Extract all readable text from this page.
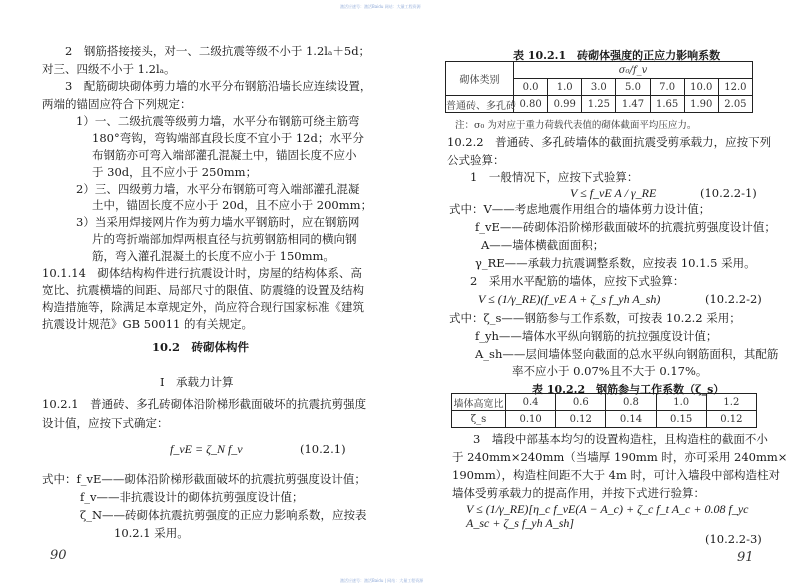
激活应速号：激活Baidu 网站：大量工程资源
激活应速号：激活Baidu | 网站：大量工程资源
2　钢筋搭接接头，对一、二级抗震等级不小于 1.2lₐ＋5d；
对三、四级不小于 1.2lₐ。
3　配筋砌块砌体剪力墙的水平分布钢筋沿墙长应连续设置，
两端的锚固应符合下列规定：
1）一、二级抗震等级剪力墙，水平分布钢筋可绕主筋弯
180°弯钩，弯钩端部直段长度不宜小于 12d；水平分
布钢筋亦可弯入端部灌孔混凝土中，锚固长度不应小
于 30d，且不应小于 250mm；
2）三、四级剪力墙，水平分布钢筋可弯入端部灌孔混凝
土中，锚固长度不应小于 20d，且不应小于 200mm；
3）当采用焊接网片作为剪力墙水平钢筋时，应在钢筋网
片的弯折端部加焊两根直径与抗剪钢筋相同的横向钢
筋，弯入灌孔混凝土的长度不应小于 150mm。
10.1.14　砌体结构构件进行抗震设计时，房屋的结构体系、高
宽比、抗震横墙的间距、局部尺寸的限值、防震缝的设置及结构
构造措施等，除满足本章规定外，尚应符合现行国家标准《建筑
抗震设计规范》GB 50011 的有关规定。
10.2　砖砌体构件
Ⅰ　承载力计算
10.2.1　普通砖、多孔砖砌体沿阶梯形截面破坏的抗震抗剪强度
设计值，应按下式确定：
f_vE = ζ_N f_v	(10.2.1)
式中：f_vE——砌体沿阶梯形截面破坏的抗震抗剪强度设计值；
f_v——非抗震设计的砌体抗剪强度设计值；
ζ_N——砖砌体抗震抗剪强度的正应力影响系数，应按表
10.2.1 采用。
90
表 10.2.1　砖砌体强度的正应力影响系数
砌体类别	σ₀/f_v						
	0.0	1.0	3.0	5.0	7.0	10.0	12.0
普通砖、多孔砖	0.80	0.99	1.25	1.47	1.65	1.90	2.05
注：σ₀ 为对应于重力荷载代表值的砌体截面平均压应力。
10.2.2　普通砖、多孔砖墙体的截面抗震受剪承载力，应按下列
公式验算：
1　一般情况下，应按下式验算：
V ≤ f_vE A / γ_RE	(10.2.2-1)
式中：V——考虑地震作用组合的墙体剪力设计值；
f_vE——砖砌体沿阶梯形截面破坏的抗震抗剪强度设计值；
A——墙体横截面面积；
γ_RE——承载力抗震调整系数，应按表 10.1.5 采用。
2　采用水平配筋的墙体，应按下式验算：
V ≤ (1/γ_RE)(f_vE A + ζ_s f_yh A_sh)	(10.2.2-2)
式中：ζ_s——钢筋参与工作系数，可按表 10.2.2 采用；
f_yh——墙体水平纵向钢筋的抗拉强度设计值；
A_sh——层间墙体竖向截面的总水平纵向钢筋面积，其配筋
率不应小于 0.07%且不大于 0.17%。
表 10.2.2　钢筋参与工作系数（ζ_s）
墙体高宽比	0.4	0.6	0.8	1.0	1.2
ζ_s	0.10	0.12	0.14	0.15	0.12
3　墙段中部基本均匀的设置构造柱，且构造柱的截面不小
于 240mm×240mm（当墙厚 190mm 时，亦可采用 240mm×
190mm），构造柱间距不大于 4m 时，可计入墙段中部构造柱对
墙体受剪承载力的提高作用，并按下式进行验算：
V ≤ (1/γ_RE)[η_c f_vE(A − A_c) + ζ_c f_t A_c + 0.08 f_yc A_sc + ζ_s f_yh A_sh]
(10.2.2-3)
91
